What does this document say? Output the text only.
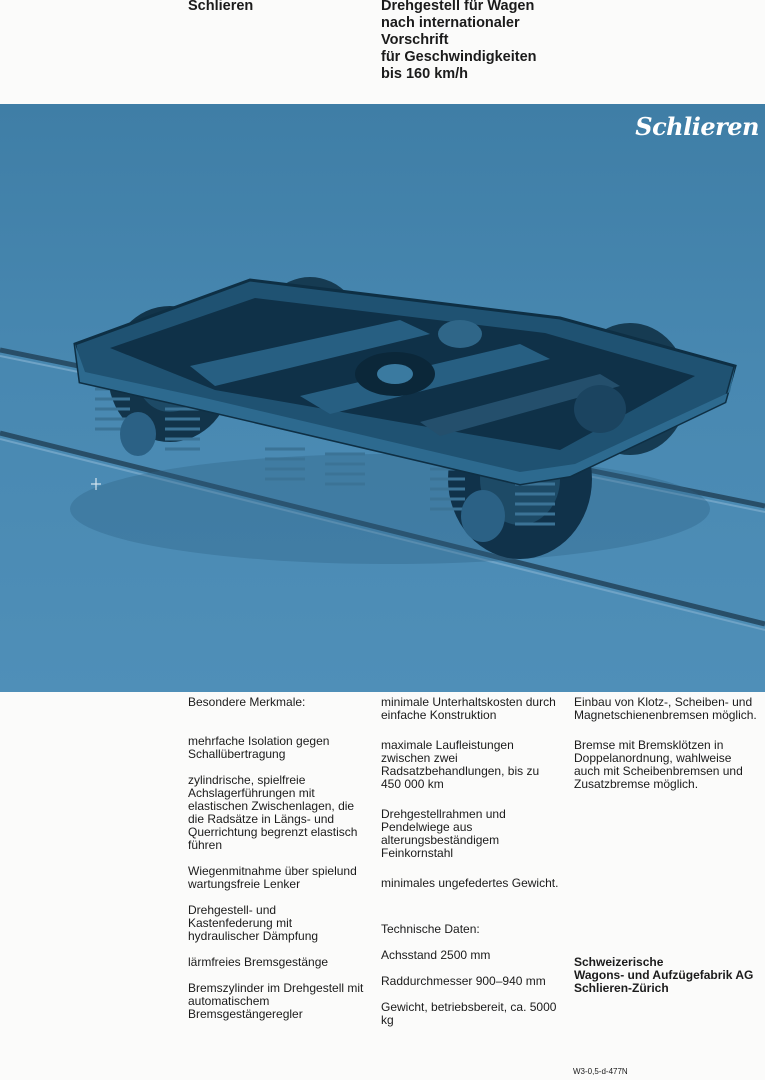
Schlieren	Drehgestell für Wagen
nach internationaler
Vorschrift
für Geschwindigkeiten
bis 160 km/h
Schlieren

Besondere Merkmale:

mehrfache Isolation gegen Schallübertragung

zylindrische, spielfreie Achslagerführungen mit elastischen Zwischenlagen, die die Radsätze in Längs- und Querrichtung begrenzt elastisch führen

Wiegenmitnahme über spielund wartungsfreie Lenker

Drehgestell- und Kastenfederung mit hydraulischer Dämpfung

lärmfreies Bremsgestänge

Bremszylinder im Drehgestell mit automatischem Bremsgestängeregler

minimale Unterhaltskosten durch einfache Konstruktion

maximale Laufleistungen zwischen zwei Radsatzbehandlungen, bis zu 450 000 km

Drehgestellrahmen und Pendelwiege aus alterungsbeständigem Feinkornstahl

minimales ungefedertes Gewicht.

Technische Daten:

Achsstand 2500 mm

Raddurchmesser 900–940 mm

Gewicht, betriebsbereit, ca. 5000 kg

Einbau von Klotz-, Scheiben- und Magnetschienenbremsen möglich.

Bremse mit Bremsklötzen in Doppelanordnung, wahlweise auch mit Scheibenbremsen und Zusatzbremse möglich.

Schweizerische
Wagons- und Aufzügefabrik AG
Schlieren-Zürich
W3-0,5-d-477N
